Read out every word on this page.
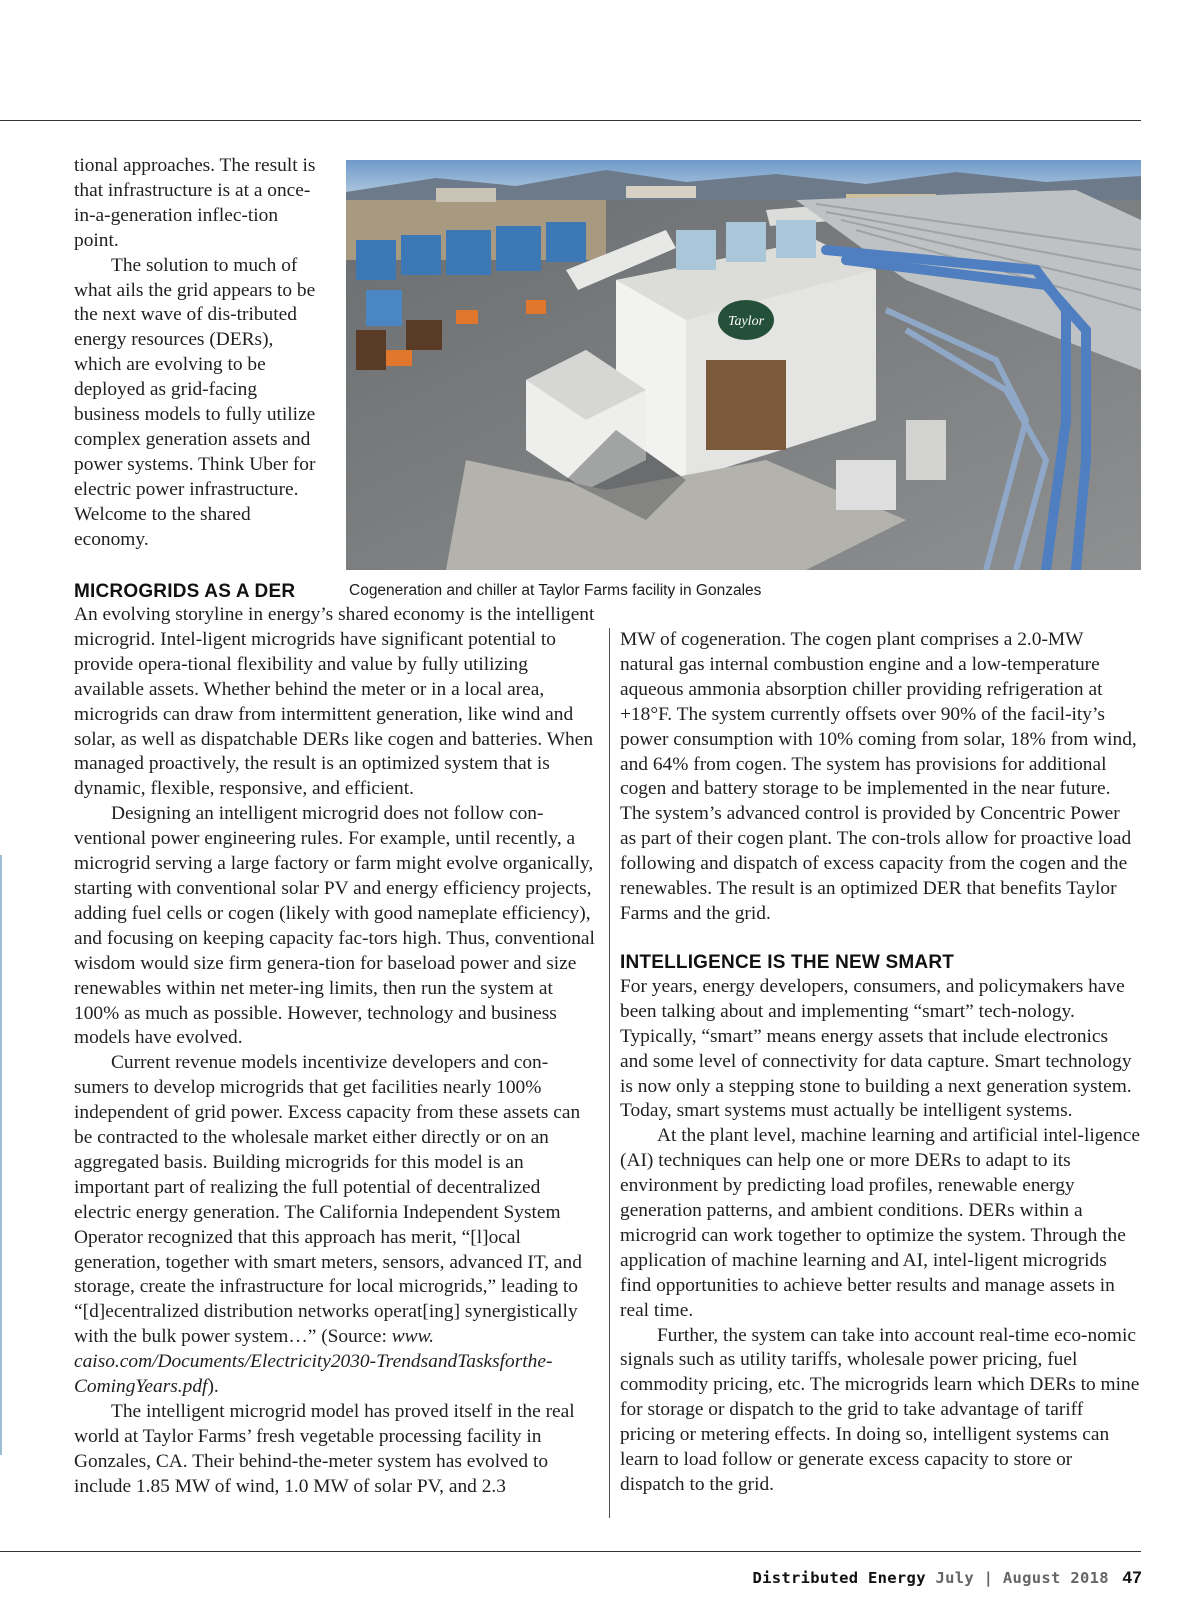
tional approaches. The result is that infrastructure is at a once-in-a-generation inflec-tion point.
The solution to much of what ails the grid appears to be the next wave of dis-tributed energy resources (DERs), which are evolving to be deployed as grid-facing business models to fully utilize complex generation assets and power systems. Think Uber for electric power infrastructure. Welcome to the shared economy.
Taylor

Cogeneration and chiller at Taylor Farms facility in Gonzales

MICROGRIDS AS A DER
An evolving storyline in energy’s shared economy is the intelligent microgrid. Intel-ligent microgrids have significant potential to provide opera-tional flexibility and value by fully utilizing available assets. Whether behind the meter or in a local area, microgrids can draw from intermittent generation, like wind and solar, as well as dispatchable DERs like cogen and batteries. When managed proactively, the result is an optimized system that is dynamic, flexible, responsive, and efficient.
Designing an intelligent microgrid does not follow con-ventional power engineering rules. For example, until recently, a microgrid serving a large factory or farm might evolve organically, starting with conventional solar PV and energy efficiency projects, adding fuel cells or cogen (likely with good nameplate efficiency), and focusing on keeping capacity fac-tors high. Thus, conventional wisdom would size firm genera-tion for baseload power and size renewables within net meter-ing limits, then run the system at 100% as much as possible. However, technology and business models have evolved.
Current revenue models incentivize developers and con-sumers to develop microgrids that get facilities nearly 100% independent of grid power. Excess capacity from these assets can be contracted to the wholesale market either directly or on an aggregated basis. Building microgrids for this model is an important part of realizing the full potential of decentralized electric energy generation. The California Independent System Operator recognized that this approach has merit, “[l]ocal generation, together with smart meters, sensors, advanced IT, and storage, create the infrastructure for local microgrids,” leading to “[d]ecentralized distribution networks operat[ing] synergistically with the bulk power system…” (Source: www. caiso.com/Documents/Electricity2030-TrendsandTasksforthe-ComingYears.pdf).
The intelligent microgrid model has proved itself in the real world at Taylor Farms’ fresh vegetable processing facility in Gonzales, CA. Their behind-the-meter system has evolved to include 1.85 MW of wind, 1.0 MW of solar PV, and 2.3
MW of cogeneration. The cogen plant comprises a 2.0-MW natural gas internal combustion engine and a low-temperature aqueous ammonia absorption chiller providing refrigeration at +18°F. The system currently offsets over 90% of the facil-ity’s power consumption with 10% coming from solar, 18% from wind, and 64% from cogen. The system has provisions for additional cogen and battery storage to be implemented in the near future. The system’s advanced control is provided by Concentric Power as part of their cogen plant. The con-trols allow for proactive load following and dispatch of excess capacity from the cogen and the renewables. The result is an optimized DER that benefits Taylor Farms and the grid.
INTELLIGENCE IS THE NEW SMART
For years, energy developers, consumers, and policymakers have been talking about and implementing “smart” tech-nology. Typically, “smart” means energy assets that include electronics and some level of connectivity for data capture. Smart technology is now only a stepping stone to building a next generation system. Today, smart systems must actually be intelligent systems.
At the plant level, machine learning and artificial intel-ligence (AI) techniques can help one or more DERs to adapt to its environment by predicting load profiles, renewable energy generation patterns, and ambient conditions. DERs within a microgrid can work together to optimize the system. Through the application of machine learning and AI, intel-ligent microgrids find opportunities to achieve better results and manage assets in real time.
Further, the system can take into account real-time eco-nomic signals such as utility tariffs, wholesale power pricing, fuel commodity pricing, etc. The microgrids learn which DERs to mine for storage or dispatch to the grid to take advantage of tariff pricing or metering effects. In doing so, intelligent systems can learn to load follow or generate excess capacity to store or dispatch to the grid.
Distributed Energy July | August 2018 47
